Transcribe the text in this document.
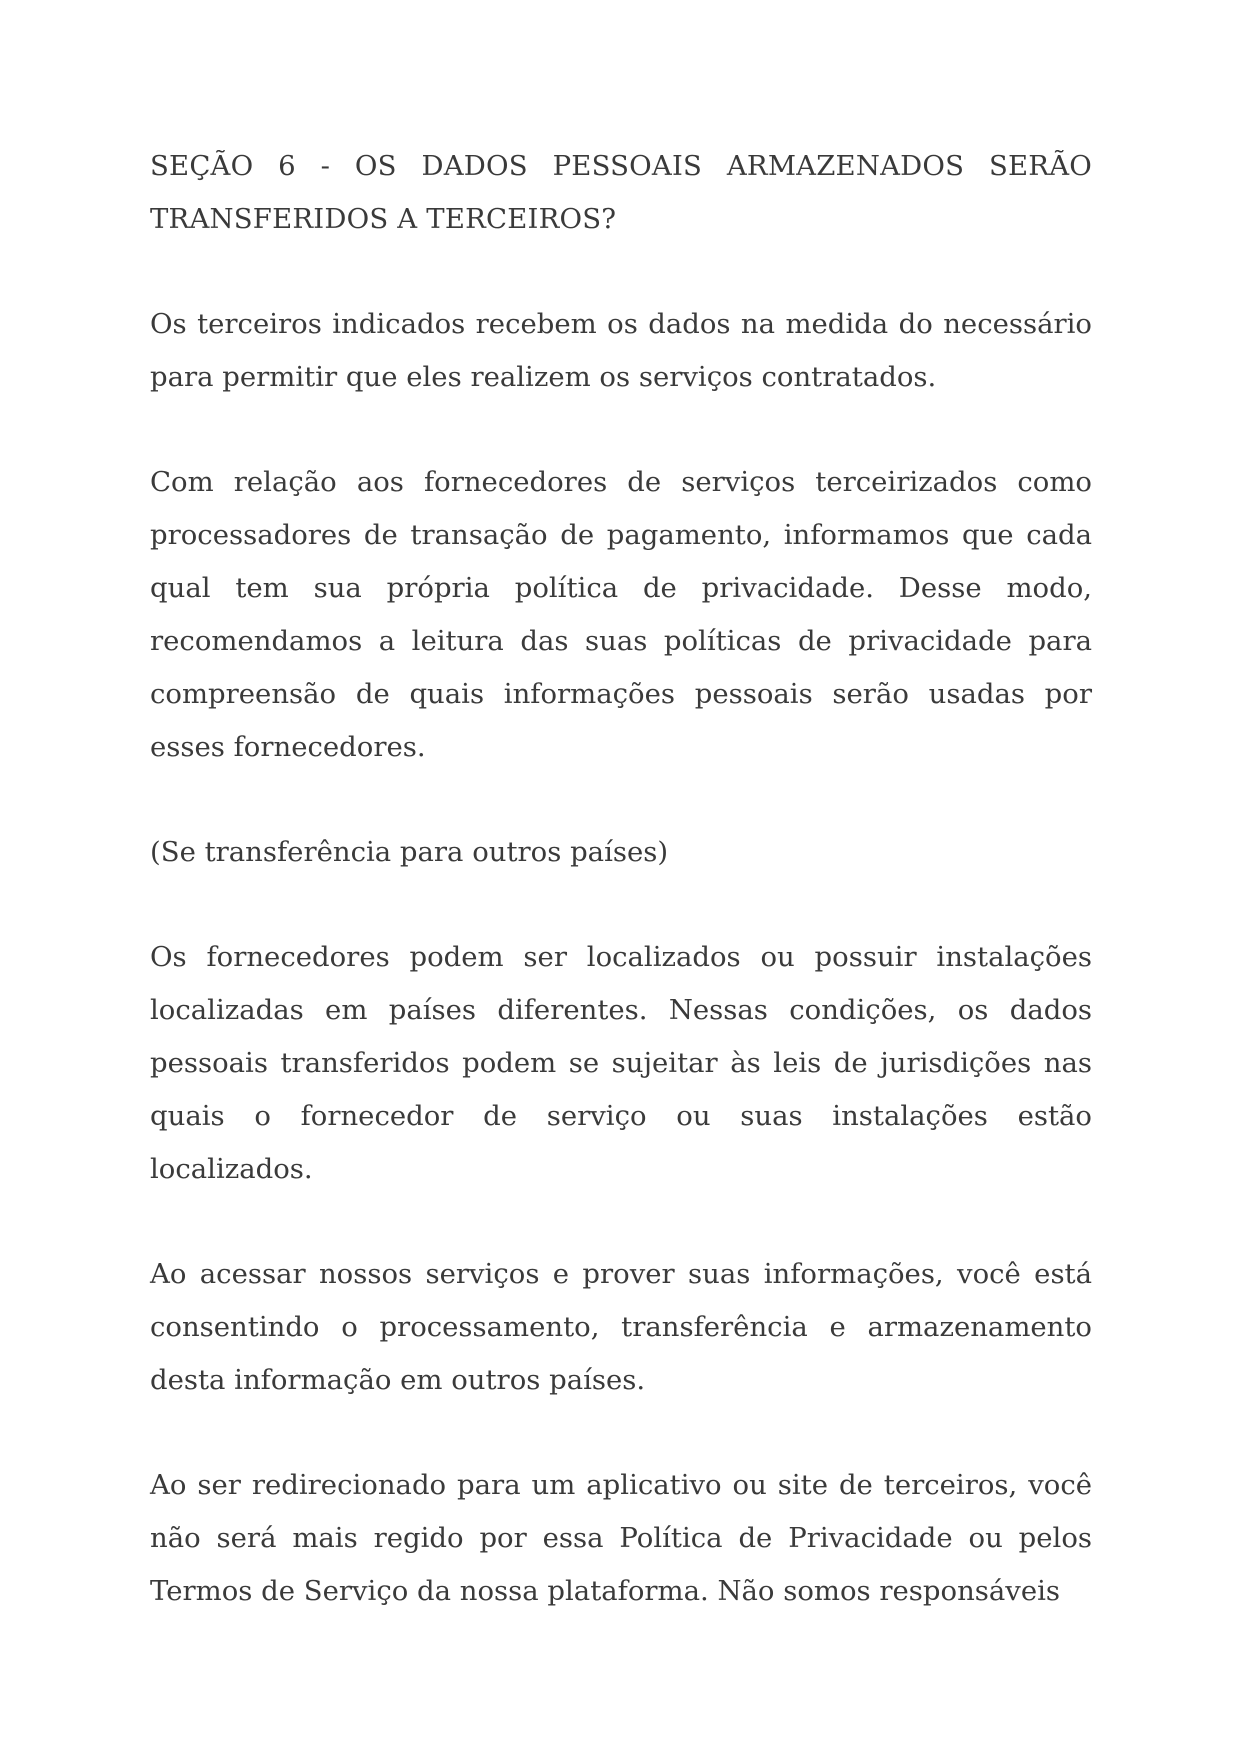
SEÇÃO 6 - OS DADOS PESSOAIS ARMAZENADOS SERÃO TRANSFERIDOS A TERCEIROS?

Os terceiros indicados recebem os dados na medida do necessário para permitir que eles realizem os serviços contratados.

Com relação aos fornecedores de serviços terceirizados como processadores de transação de pagamento, informamos que cada qual tem sua própria política de privacidade. Desse modo, recomendamos a leitura das suas políticas de privacidade para compreensão de quais informações pessoais serão usadas por esses fornecedores.

(Se transferência para outros países)

Os fornecedores podem ser localizados ou possuir instalações localizadas em países diferentes. Nessas condições, os dados pessoais transferidos podem se sujeitar às leis de jurisdições nas quais o fornecedor de serviço ou suas instalações estão localizados.

Ao acessar nossos serviços e prover suas informações, você está consentindo o processamento, transferência e armazenamento desta informação em outros países.

Ao ser redirecionado para um aplicativo ou site de terceiros, você não será mais regido por essa Política de Privacidade ou pelos Termos de Serviço da nossa plataforma. Não somos responsáveis
